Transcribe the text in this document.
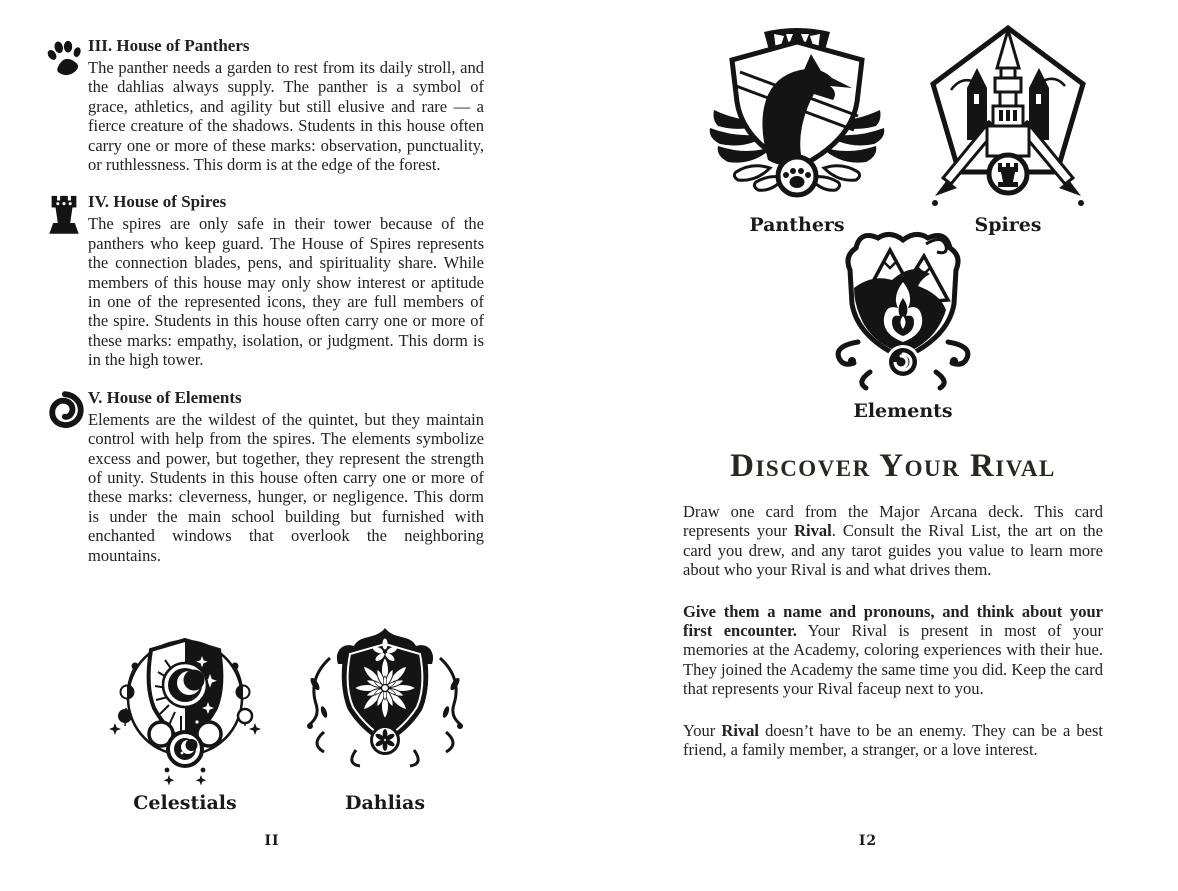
III. House of Panthers

The panther needs a garden to rest from its daily stroll, and the dahlias always supply. The panther is a symbol of grace, athletics, and agility but still elusive and rare — a fierce creature of the shadows. Students in this house often carry one or more of these marks: observation, punctuality, or ruthlessness. This dorm is at the edge of the forest.

IV. House of Spires

The spires are only safe in their tower because of the panthers who keep guard. The House of Spires represents the connection blades, pens, and spirituality share. While members of this house may only show interest or aptitude in one of the represented icons, they are full members of the spire. Students in this house often carry one or more of these marks: empathy, isolation, or judgment. This dorm is in the high tower.

V. House of Elements

Elements are the wildest of the quintet, but they maintain control with help from the spires. The elements symbolize excess and power, but together, they represent the strength of unity. Students in this house often carry one or more of these marks: cleverness, hunger, or negligence. This dorm is under the main school building but furnished with enchanted windows that overlook the neighboring mountains.

Celestials	Dahlias
II
Panthers	Spires
Elements
Discover Your Rival

Draw one card from the Major Arcana deck. This card represents your Rival. Consult the Rival List, the art on the card you drew, and any tarot guides you value to learn more about who your Rival is and what drives them.

Give them a name and pronouns, and think about your first encounter. Your Rival is present in most of your memories at the Academy, coloring experiences with their hue. They joined the Academy the same time you did. Keep the card that represents your Rival faceup next to you.

Your Rival doesn’t have to be an enemy. They can be a best friend, a family member, a stranger, or a love interest.

I2
